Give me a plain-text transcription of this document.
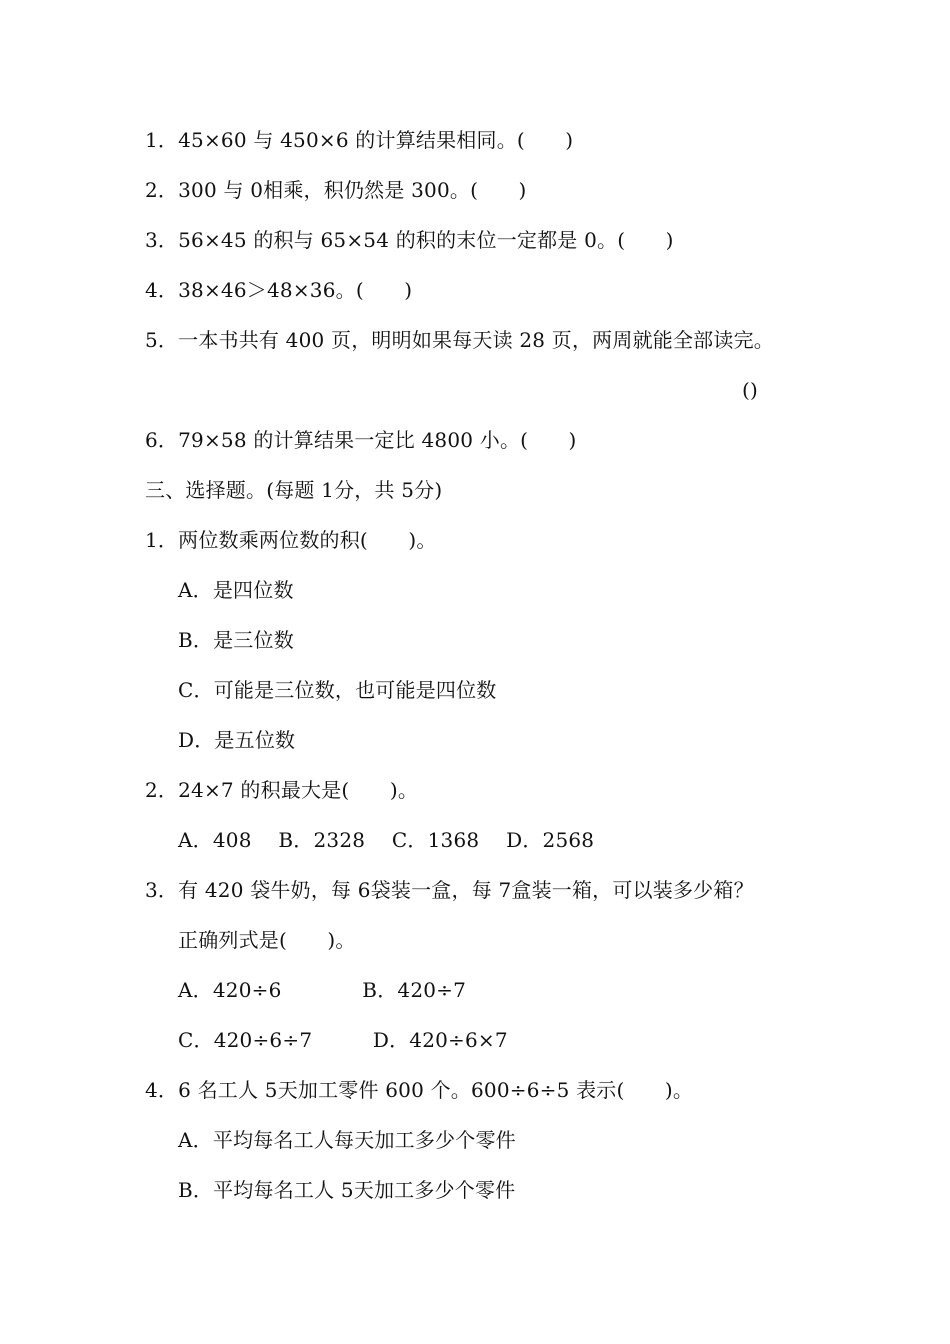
1．45×60 与 450×6 的计算结果相同。(　　)
2．300 与 0相乘，积仍然是 300。(　　)
3．56×45 的积与 65×54 的积的末位一定都是 0。(　　)
4．38×46＞48×36。(　　)
5．一本书共有 400 页，明明如果每天读 28 页，两周就能全部读完。
()
6．79×58 的计算结果一定比 4800 小。(　　)
三、选择题。(每题 1分，共 5分)
1．两位数乘两位数的积(　　)。
A．是四位数
B．是三位数
C．可能是三位数，也可能是四位数
D．是五位数
2．24×7 的积最大是(　　)。
A．408　 B．2328　 C．1368　 D．2568
3．有 420 袋牛奶，每 6袋装一盒，每 7盒装一箱，可以装多少箱？
正确列式是(　　)。
A．420÷6　　　　B．420÷7
C．420÷6÷7　　　D．420÷6×7
4．6 名工人 5天加工零件 600 个。600÷6÷5 表示(　　)。
A．平均每名工人每天加工多少个零件
B．平均每名工人 5天加工多少个零件
